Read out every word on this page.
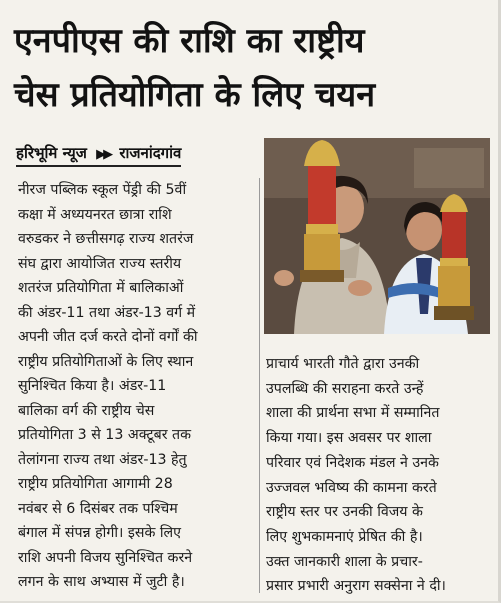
एनपीएस की राशि का राष्ट्रीय
चेस प्रतियोगिता के लिए चयन
हरिभूमि न्यूज ▶▶ राजनांदगांव
नीरज पब्लिक स्कूल पेंड्री की 5वीं
कक्षा में अध्ययनरत छात्रा राशि
वरुडकर ने छत्तीसगढ़ राज्य शतरंज
संघ द्वारा आयोजित राज्य स्तरीय
शतरंज प्रतियोगिता में बालिकाओं
की अंडर-11 तथा अंडर-13 वर्ग में
अपनी जीत दर्ज करते दोनों वर्गों की
राष्ट्रीय प्रतियोगिताओं के लिए स्थान
सुनिश्चित किया है। अंडर-11
बालिका वर्ग की राष्ट्रीय चेस
प्रतियोगिता 3 से 13 अक्टूबर तक
तेलांगना राज्य तथा अंडर-13 हेतु
राष्ट्रीय प्रतियोगिता आगामी 28
नवंबर से 6 दिसंबर तक पश्चिम
बंगाल में संपन्न होगी। इसके लिए
राशि अपनी विजय सुनिश्चित करने
लगन के साथ अभ्यास में जुटी है।
प्राचार्य भारती गौते द्वारा उनकी
उपलब्धि की सराहना करते उन्हें
शाला की प्रार्थना सभा में सम्मानित
किया गया। इस अवसर पर शाला
परिवार एवं निदेशक मंडल ने उनके
उज्जवल भविष्य की कामना करते
राष्ट्रीय स्तर पर उनकी विजय के
लिए शुभकामनाएं प्रेषित की है।
उक्त जानकारी शाला के प्रचार-
प्रसार प्रभारी अनुराग सक्सेना ने दी।
